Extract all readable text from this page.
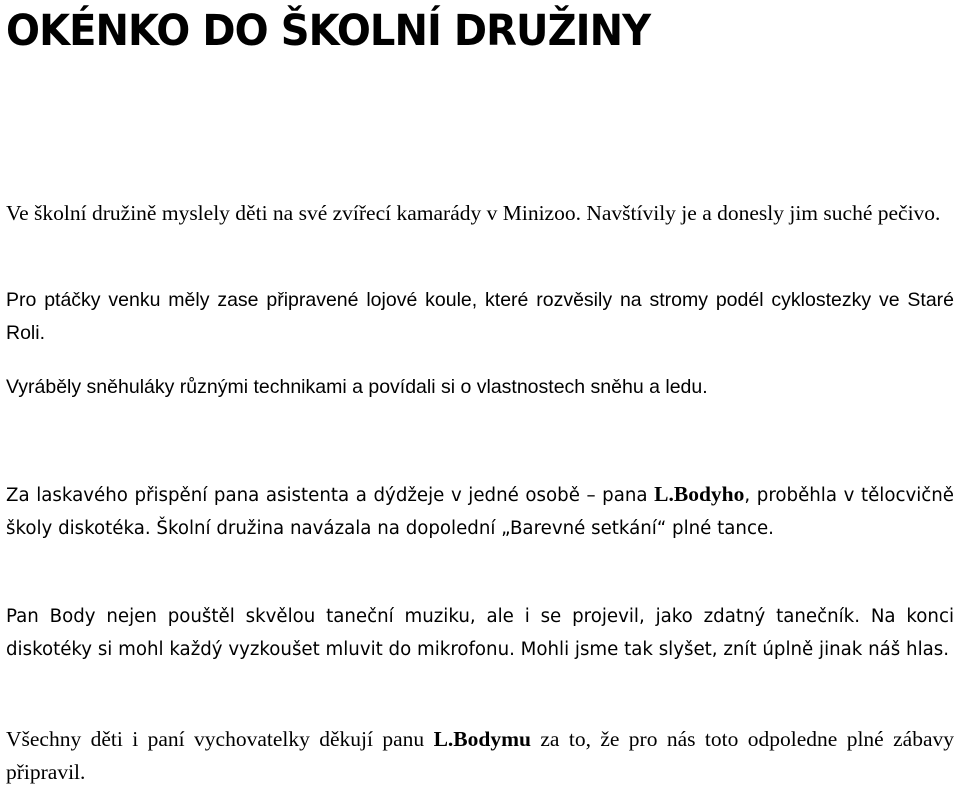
OKÉNKO DO ŠKOLNÍ DRUŽINY

Ve školní družině myslely děti na své zvířecí kamarády v Minizoo. Navštívily je a donesly jim suché pečivo.

Pro ptáčky venku měly zase připravené lojové koule, které rozvěsily na stromy podél cyklostezky ve Staré Roli.

Vyráběly sněhuláky různými technikami a povídali si o vlastnostech sněhu a ledu.

Za laskavého přispění pana asistenta a dýdžeje v jedné osobě – pana L.Bodyho, proběhla v tělocvičně školy diskotéka. Školní družina navázala na dopolední „Barevné setkání“ plné tance.

Pan Body nejen pouštěl skvělou taneční muziku, ale i se projevil, jako zdatný tanečník. Na konci diskotéky si mohl každý vyzkoušet mluvit do mikrofonu. Mohli jsme tak slyšet, znít úplně jinak náš hlas.

Všechny děti i paní vychovatelky děkují panu L.Bodymu za to, že pro nás toto odpoledne plné zábavy připravil.
